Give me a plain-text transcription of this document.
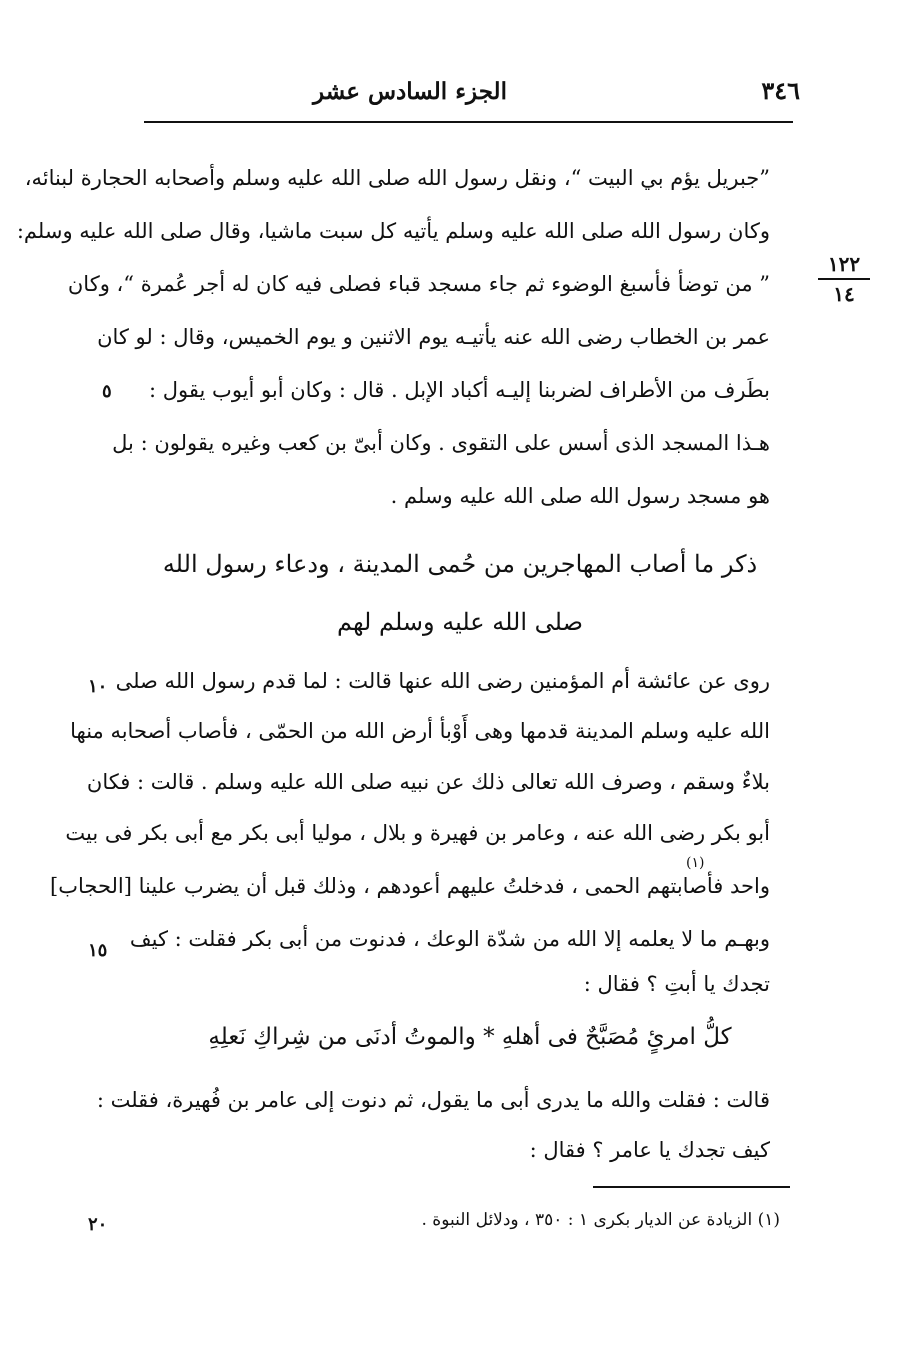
٣٤٦
الجزء السادس عشر
١٢٢
١٤
٥
١٠
١٥
٢٠
”جبريل يؤم بي البيت “، ونقل رسول الله صلى الله عليه وسلم وأصحابه الحجارة لبنائه،
وكان رسول الله صلى الله عليه وسلم يأتيه كل سبت ماشيا، وقال صلى الله عليه وسلم:
” من توضأ فأسبغ الوضوء ثم جاء مسجد قباء فصلى فيه كان له أجر عُمرة “، وكان
عمر بن الخطاب رضى الله عنه يأتيـه يوم الاثنين و يوم الخميس، وقال : لو كان
بطَرف من الأطراف لضربنا إليـه أكباد الإبل . قال : وكان أبو أيوب يقول :
هـذا المسجد الذى أسس على التقوى . وكان أبىّ بن كعب وغيره يقولون : بل
هو مسجد رسول الله صلى الله عليه وسلم .
ذكر ما أصاب المهاجرين من حُمى المدينة ، ودعاء رسول الله
صلى الله عليه وسلم لهم
روى عن عائشة أم المؤمنين رضى الله عنها قالت : لما قدم رسول الله صلى
الله عليه وسلم المدينة قدمها وهى أَوْبأ أرض الله من الحمّى ، فأصاب أصحابه منها
بلاءٌ وسقم ، وصرف الله تعالى ذلك عن نبيه صلى الله عليه وسلم . قالت : فكان
أبو بكر رضى الله عنه ، وعامر بن فهيرة و بلال ، موليا أبى بكر مع أبى بكر فى بيت
واحد فأصابتهم الحمى ، فدخلتُ عليهم أعودهم ، وذلك قبل أن يضرب علينا [الحجاب]
وبهـم ما لا يعلمه إلا الله من شدّة الوعك ، فدنوت من أبى بكر فقلت : كيف
تجدك يا أبتِ ؟ فقال :
(١)
كلُّ امرئٍ مُصَبَّحٌ فى أهلهِ * والموتُ أدنَى من شِراكِ نَعلِهِ
قالت : فقلت والله ما يدرى أبى ما يقول، ثم دنوت إلى عامر بن فُهيرة، فقلت :
كيف تجدك يا عامر ؟ فقال :
(١) الزيادة عن الديار بكرى ١ : ٣٥٠ ، ودلائل النبوة .
